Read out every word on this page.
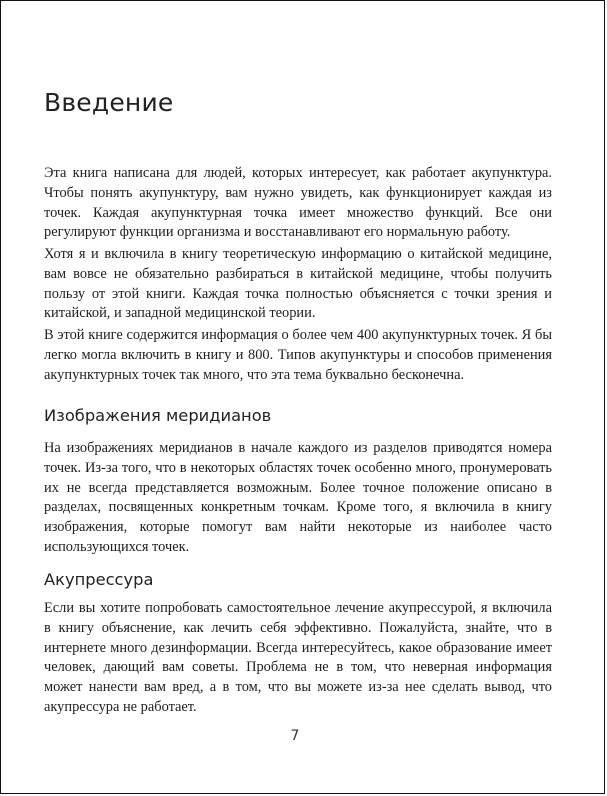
Введение

Эта книга написана для людей, которых интересует, как работает акупунктура. Чтобы понять акупунктуру, вам нужно увидеть, как функционирует каждая из точек. Каждая акупунктурная точка имеет множество функций. Все они регулируют функции организма и восстанавливают его нормальную работу.

Хотя я и включила в книгу теоретическую информацию о китайской медицине, вам вовсе не обязательно разбираться в китайской медицине, чтобы получить пользу от этой книги. Каждая точка полностью объясняется с точки зрения и китайской, и западной медицинской теории.

В этой книге содержится информация о более чем 400 акупунктурных точек. Я бы легко могла включить в книгу и 800. Типов акупунктуры и способов применения акупунктурных точек так много, что эта тема буквально бесконечна.

Изображения меридианов

На изображениях меридианов в начале каждого из разделов приводятся номера точек. Из-за того, что в некоторых областях точек особенно много, пронумеровать их не всегда представляется возможным. Более точное положение описано в разделах, посвященных конкретным точкам. Кроме того, я включила в книгу изображения, которые помогут вам найти некоторые из наиболее часто использующихся точек.

Акупрессура

Если вы хотите попробовать самостоятельное лечение акупрессурой, я включила в книгу объяснение, как лечить себя эффективно. Пожалуйста, знайте, что в интернете много дезинформации. Всегда интересуйтесь, какое образование имеет человек, дающий вам советы. Проблема не в том, что неверная информация может нанести вам вред, а в том, что вы можете из-за нее сделать вывод, что акупрессура не работает.

7
